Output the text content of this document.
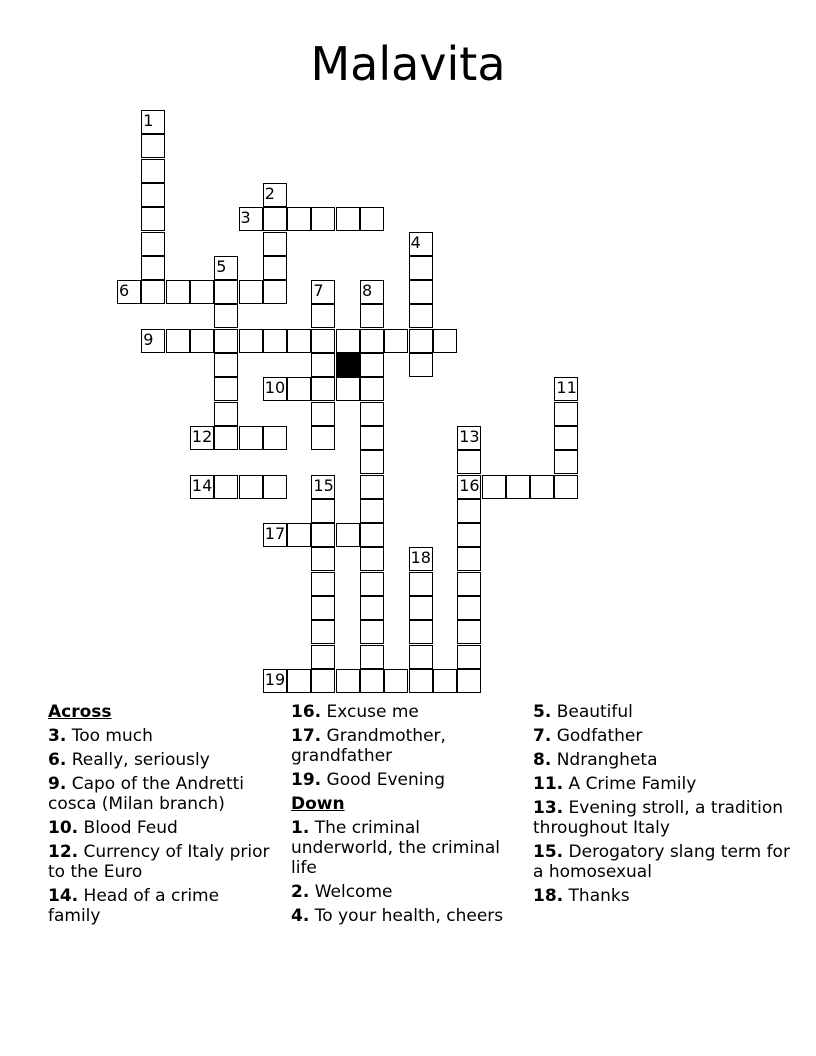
Malavita
1
2
3
4
5
6	7 8
9
10	11
12	13
14	15	16
17
18
19
Across
3. Too much
6. Really, seriously
9. Capo of the Andretti cosca (Milan branch)
10. Blood Feud
12. Currency of Italy prior to the Euro
14. Head of a crime family
16. Excuse me
17. Grandmother, grandfather
19. Good Evening
Down
1. The criminal underworld, the criminal life
2. Welcome
4. To your health, cheers
5. Beautiful
7. Godfather
8. Ndrangheta
11. A Crime Family
13. Evening stroll, a tradition throughout Italy
15. Derogatory slang term for a homosexual
18. Thanks
